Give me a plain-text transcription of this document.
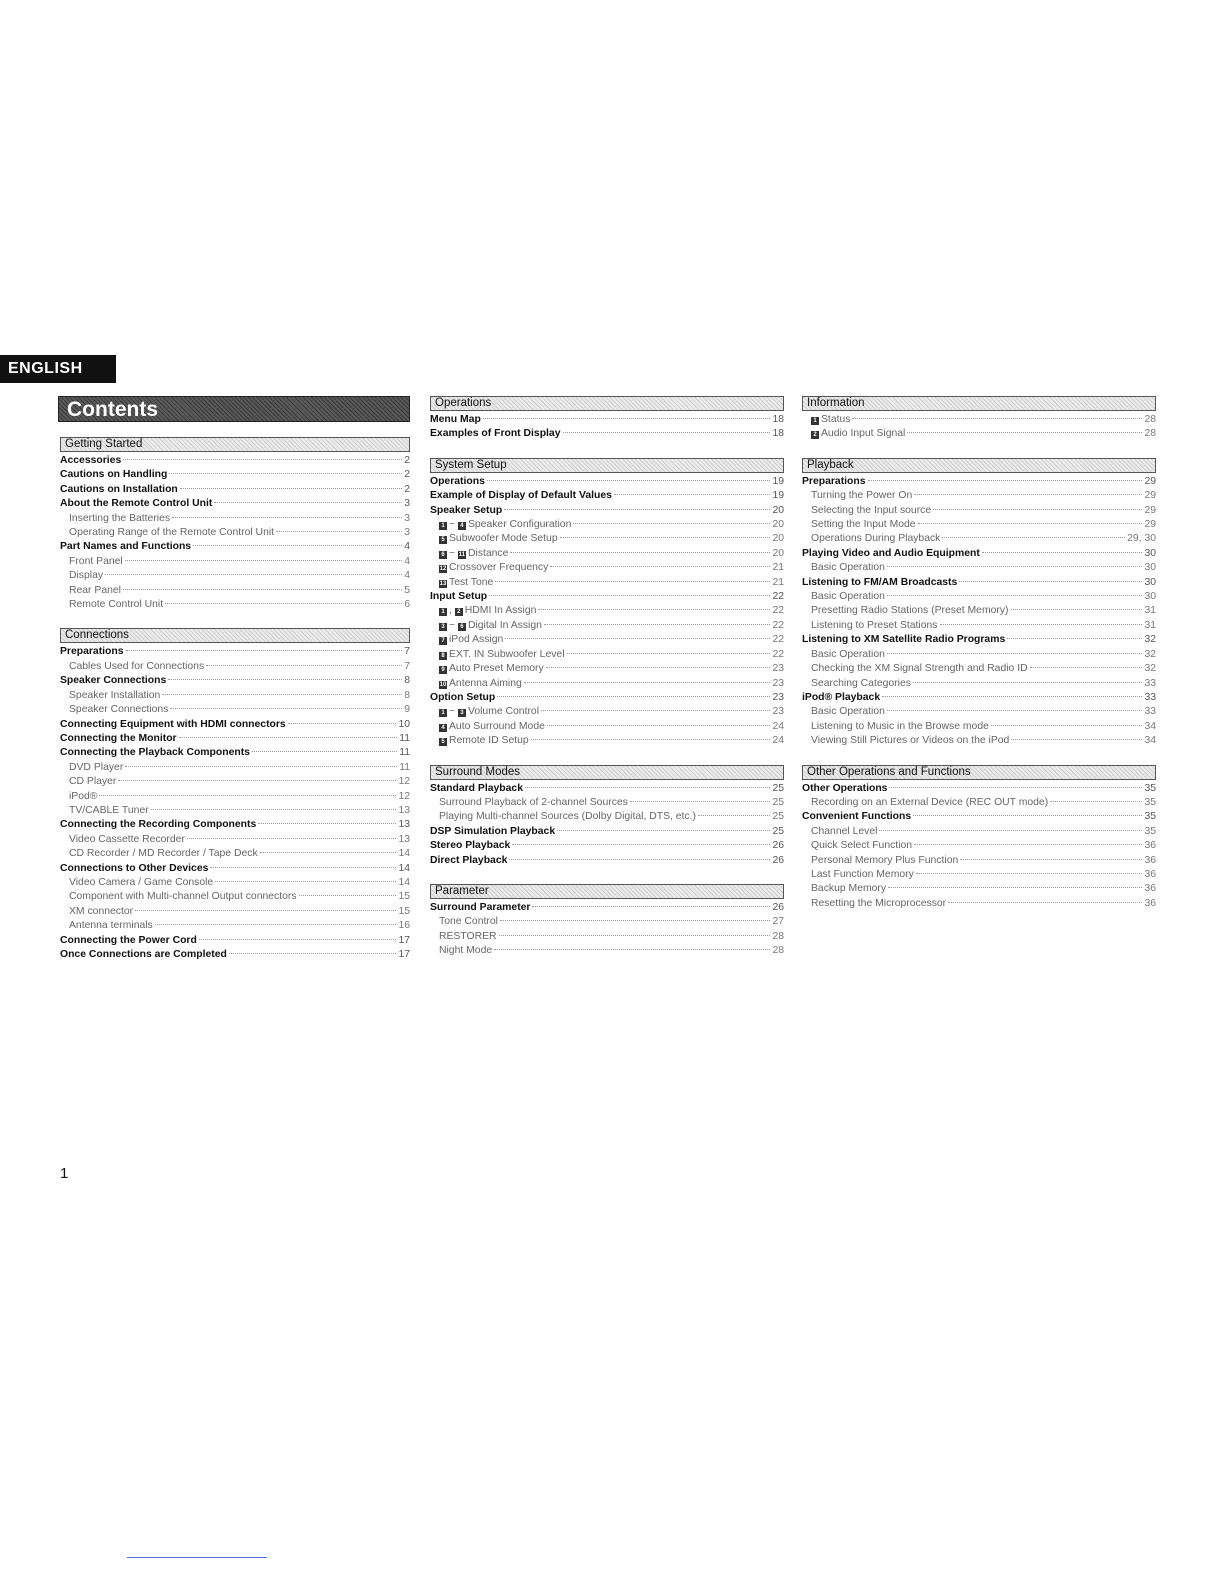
ENGLISH
Contents
Getting Started
Accessories	2
Cautions on Handling	2
Cautions on Installation	2
About the Remote Control Unit	3
Inserting the Batteries	3
Operating Range of the Remote Control Unit	3
Part Names and Functions	4
Front Panel	4
Display	4
Rear Panel	5
Remote Control Unit	6
Connections
Preparations	7
Cables Used for Connections	7
Speaker Connections	8
Speaker Installation	8
Speaker Connections	9
Connecting Equipment with HDMI connectors	10
Connecting the Monitor	11
Connecting the Playback Components	11
DVD Player	11
CD Player	12
iPod®	12
TV/CABLE Tuner	13
Connecting the Recording Components	13
Video Cassette Recorder	13
CD Recorder / MD Recorder / Tape Deck	14
Connections to Other Devices	14
Video Camera / Game Console	14
Component with Multi-channel Output connectors	15
XM connector	15
Antenna terminals	16
Connecting the Power Cord	17
Once Connections are Completed	17
Operations
Menu Map	18
Examples of Front Display	18
System Setup
Operations	19
Example of Display of Default Values	19
Speaker Setup	20
1 ~ 4 Speaker Configuration	20
5 Subwoofer Mode Setup	20
6 ~ 11 Distance	20
12 Crossover Frequency	21
13 Test Tone	21
Input Setup	22
1 , 2 HDMI In Assign	22
3 ~ 6 Digital In Assign	22
7 iPod Assign	22
8 EXT. IN Subwoofer Level	22
9 Auto Preset Memory	23
10 Antenna Aiming	23
Option Setup	23
1 ~ 3 Volume Control	23
4 Auto Surround Mode	24
5 Remote ID Setup	24
Surround Modes
Standard Playback	25
Surround Playback of 2-channel Sources	25
Playing Multi-channel Sources (Dolby Digital, DTS, etc.)	25
DSP Simulation Playback	25
Stereo Playback	26
Direct Playback	26
Parameter
Surround Parameter	26
Tone Control	27
RESTORER	28
Night Mode	28
Information
1 Status	28
2 Audio Input Signal	28
Playback
Preparations	29
Turning the Power On	29
Selecting the Input source	29
Setting the Input Mode	29
Operations During Playback	29, 30
Playing Video and Audio Equipment	30
Basic Operation	30
Listening to FM/AM Broadcasts	30
Basic Operation	30
Presetting Radio Stations (Preset Memory)	31
Listening to Preset Stations	31
Listening to XM Satellite Radio Programs	32
Basic Operation	32
Checking the XM Signal Strength and Radio ID	32
Searching Categories	33
iPod® Playback	33
Basic Operation	33
Listening to Music in the Browse mode	34
Viewing Still Pictures or Videos on the iPod	34
Other Operations and Functions
Other Operations	35
Recording on an External Device (REC OUT mode)	35
Convenient Functions	35
Channel Level	35
Quick Select Function	36
Personal Memory Plus Function	36
Last Function Memory	36
Backup Memory	36
Resetting the Microprocessor	36
1
